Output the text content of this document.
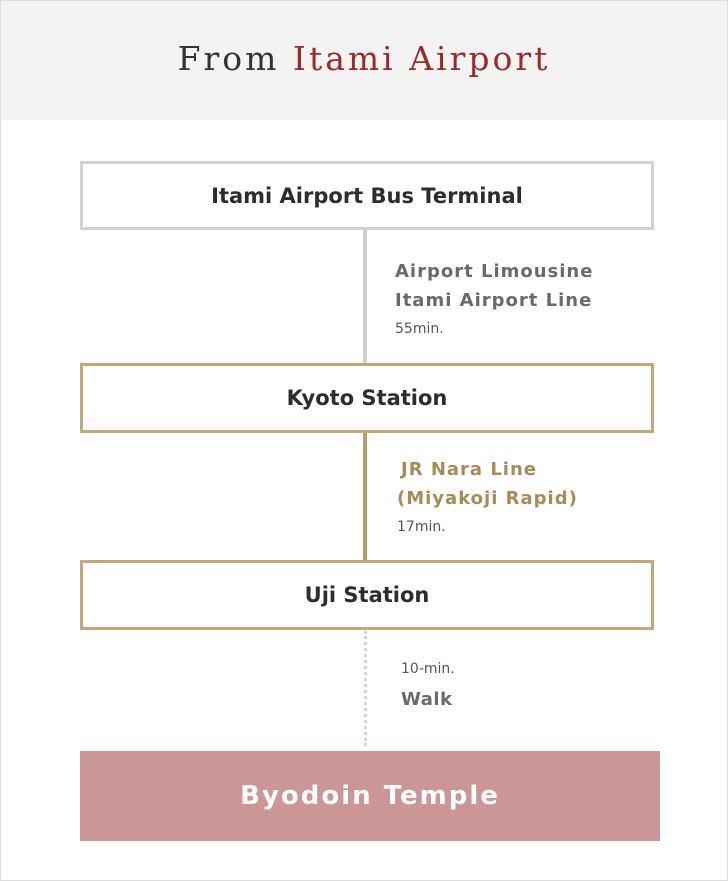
From Itami Airport
Itami Airport Bus Terminal

Airport Limousine

Itami Airport Line

55min.

Kyoto Station

JR Nara Line

(Miyakoji Rapid)

17min.

Uji Station

10-min.

Walk

Byodoin Temple
